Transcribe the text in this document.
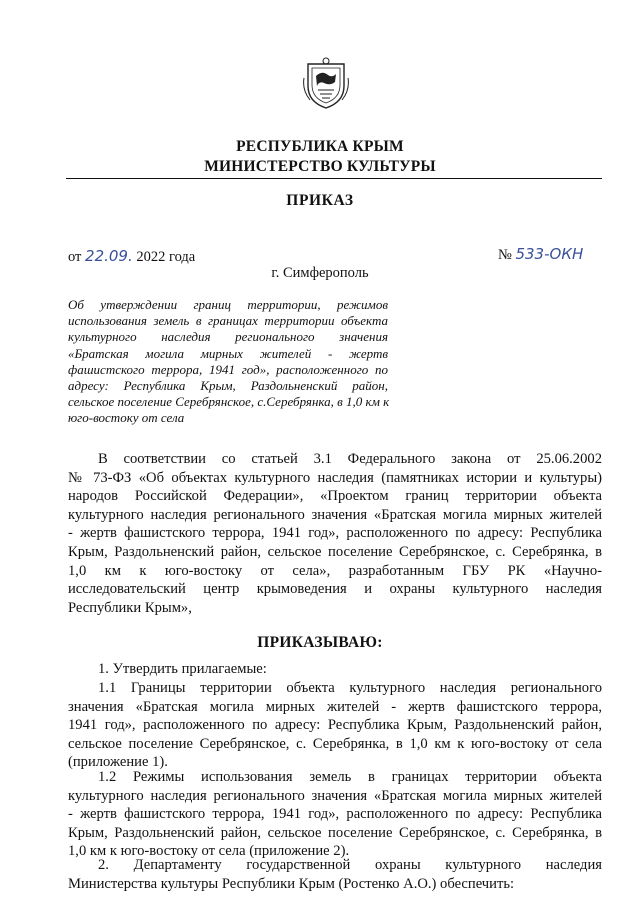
РЕСПУБЛИКА КРЫМ
МИНИСТЕРСТВО КУЛЬТУРЫ
ПРИКАЗ
от 22.09. 2022 года	№ 533-ОКН
г. Симферополь
Об утверждении границ территории, режимов
использования земель в границах территории объекта
культурного наследия регионального значения
«Братская могила мирных жителей - жертв
фашистского террора, 1941 год», расположенного по
адресу: Республика Крым, Раздольненский район,
сельское поселение Серебрянское, с.Серебрянка, в 1,0 км к
юго-востоку от села
В соответствии со статьей 3.1 Федерального закона от 25.06.2002
№ 73-ФЗ «Об объектах культурного наследия (памятниках истории и культуры)
народов Российской Федерации», «Проектом границ территории объекта
культурного наследия регионального значения «Братская могила мирных жителей
- жертв фашистского террора, 1941 год», расположенного по адресу: Республика
Крым, Раздольненский район, сельское поселение Серебрянское, с. Серебрянка, в
1,0 км к юго-востоку от села», разработанным ГБУ РК «Научно-
исследовательский центр крымоведения и охраны культурного наследия
Республики Крым»,
ПРИКАЗЫВАЮ:
1. Утвердить прилагаемые:
1.1 Границы территории объекта культурного наследия регионального
значения «Братская могила мирных жителей - жертв фашистского террора,
1941 год», расположенного по адресу: Республика Крым, Раздольненский район,
сельское поселение Серебрянское, с. Серебрянка, в 1,0 км к юго-востоку от села
(приложение 1).
1.2 Режимы использования земель в границах территории объекта
культурного наследия регионального значения «Братская могила мирных жителей
- жертв фашистского террора, 1941 год», расположенного по адресу: Республика
Крым, Раздольненский район, сельское поселение Серебрянское, с. Серебрянка, в
1,0 км к юго-востоку от села (приложение 2).
2. Департаменту государственной охраны культурного наследия
Министерства культуры Республики Крым (Ростенко А.О.) обеспечить:
